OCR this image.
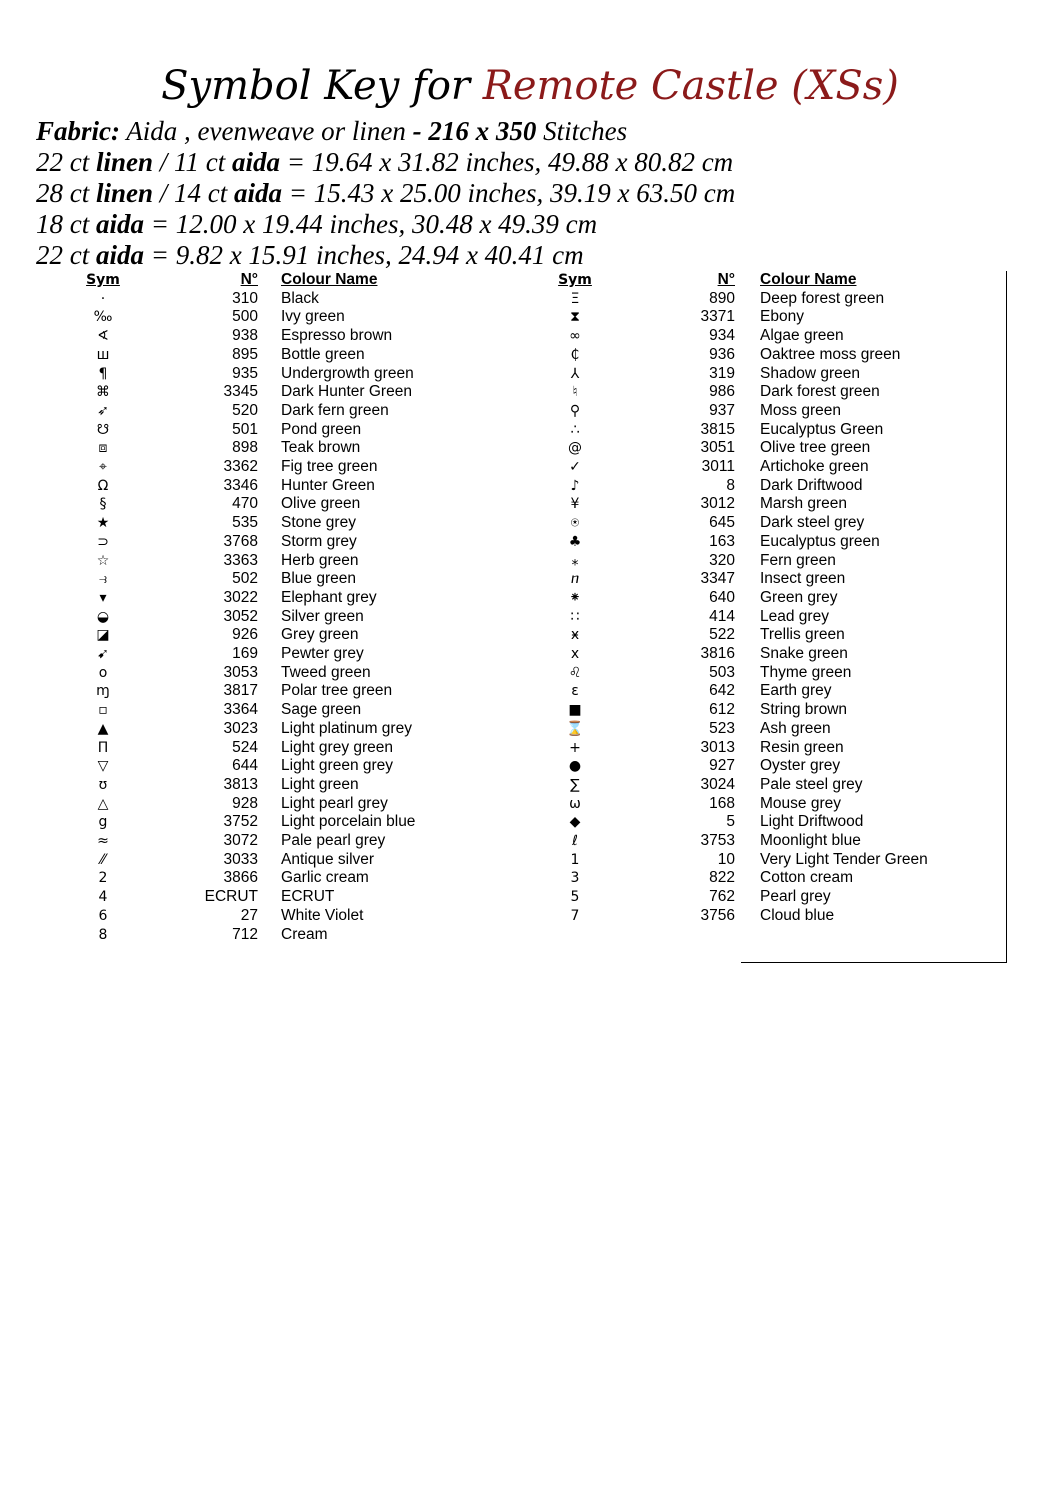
Symbol Key for Remote Castle (XSs)
Fabric: Aida , evenweave or linen - 216 x 350 Stitches
22 ct linen / 11 ct aida = 19.64 x 31.82 inches, 49.88 x 80.82 cm
28 ct linen / 14 ct aida = 15.43 x 25.00 inches, 39.19 x 63.50 cm
18 ct aida = 12.00 x 19.44 inches, 30.48 x 49.39 cm
22 ct aida = 9.82 x 15.91 inches, 24.94 x 40.41 cm
Sym	N° Colour Name
·	310 Black
‰	500 Ivy green
∢	938 Espresso brown
ш	895 Bottle green
¶	935 Undergrowth green
⌘	3345 Dark Hunter Green
➶	520 Dark fern green
☋	501 Pond green
⧈	898 Teak brown
⌖	3362 Fig tree green
Ω	3346 Hunter Green
§	470 Olive green
★	535 Stone grey
⊃	3768 Storm grey
☆	3363 Herb green
⥽	502 Blue green
▾	3022 Elephant grey
◒	3052 Silver green
◪	926 Grey green
➹	169 Pewter grey
o	3053 Tweed green
ɱ	3817 Polar tree green
▫	3364 Sage green
▲	3023 Light platinum grey
Π	524 Light grey green
▽	644 Light green grey
ʊ	3813 Light green
△	928 Light pearl grey
g	3752 Light porcelain blue
≈	3072 Pale pearl grey
⁄⁄	3033 Antique silver
2	3866 Garlic cream
4	ECRUT ECRUT
6	27 White Violet
8	712 Cream
Sym	N° Colour Name
Ξ	890 Deep forest green
⧗	3371 Ebony
∞	934 Algae green
₵	936 Oaktree moss green
⅄	319 Shadow green
♮	986 Dark forest green
⚲	937 Moss green
∴	3815 Eucalyptus Green
@	3051 Olive tree green
✓	3011 Artichoke green
♪	8 Dark Driftwood
¥	3012 Marsh green
⍟	645 Dark steel grey
♣	163 Eucalyptus green
⁎	320 Fern green
ⴖ	3347 Insect green
⁕	640 Green grey
∷	414 Lead grey
ӿ	522 Trellis green
x	3816 Snake green
♌	503 Thyme green
ε	642 Earth grey
■	612 String brown
⌛	523 Ash green
+	3013 Resin green
●	927 Oyster grey
∑	3024 Pale steel grey
ω	168 Mouse grey
◆	5 Light Driftwood
ℓ	3753 Moonlight blue
1	10 Very Light Tender Green
3	822 Cotton cream
5	762 Pearl grey
7	3756 Cloud blue
